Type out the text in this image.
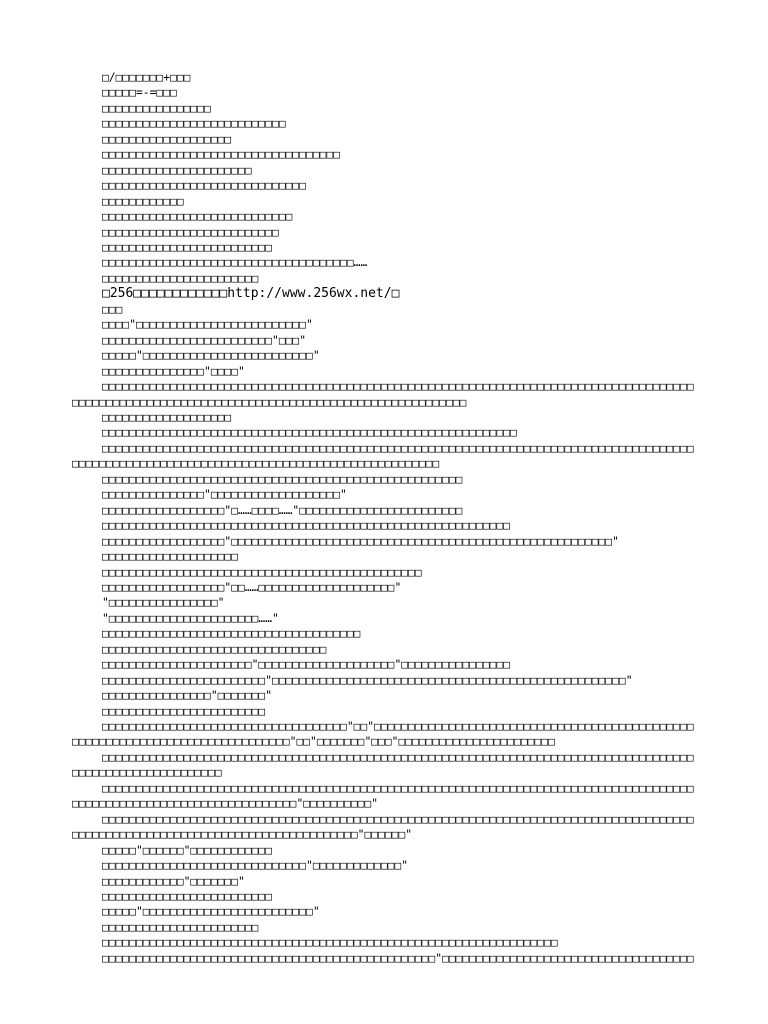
□/□□□□□□□+□□□
□□□□□=-=□□□
□□□□□□□□□□□□□□□□
□□□□□□□□□□□□□□□□□□□□□□□□□□□
□□□□□□□□□□□□□□□□□□□
□□□□□□□□□□□□□□□□□□□□□□□□□□□□□□□□□□□
□□□□□□□□□□□□□□□□□□□□□□
□□□□□□□□□□□□□□□□□□□□□□□□□□□□□□
□□□□□□□□□□□□
□□□□□□□□□□□□□□□□□□□□□□□□□□□□
□□□□□□□□□□□□□□□□□□□□□□□□□□
□□□□□□□□□□□□□□□□□□□□□□□□□
□□□□□□□□□□□□□□□□□□□□□□□□□□□□□□□□□□□□□……
□□□□□□□□□□□□□□□□□□□□□□□
□256□□□□□□□□□□□□http://www.256wx.net/□
□□□
□□□□"□□□□□□□□□□□□□□□□□□□□□□□□□"
□□□□□□□□□□□□□□□□□□□□□□□□□"□□□"
□□□□□"□□□□□□□□□□□□□□□□□□□□□□□□□"
□□□□□□□□□□□□□□□"□□□□"
□□□□□□□□□□□□□□□□□□□□□□□□□□□□□□□□□□□□□□□□□□□□□□□□□□□□□□□□□□□□□□□□□□□□□□□□□□□□□□□□□□□□□□□□□□□□□□□□□□□□□□□□□□□□□□□□□□□□□□□□□□□□□□□□□□□□□□□□□□□□□□□□□
□□□□□□□□□□□□□□□□□□□
□□□□□□□□□□□□□□□□□□□□□□□□□□□□□□□□□□□□□□□□□□□□□□□□□□□□□□□□□□□□□
□□□□□□□□□□□□□□□□□□□□□□□□□□□□□□□□□□□□□□□□□□□□□□□□□□□□□□□□□□□□□□□□□□□□□□□□□□□□□□□□□□□□□□□□□□□□□□□□□□□□□□□□□□□□□□□□□□□□□□□□□□□□□□□□□□□□□□□□□□□□□
□□□□□□□□□□□□□□□□□□□□□□□□□□□□□□□□□□□□□□□□□□□□□□□□□□□□□
□□□□□□□□□□□□□□□"□□□□□□□□□□□□□□□□□□□"
□□□□□□□□□□□□□□□□□□"□……□□□□……"□□□□□□□□□□□□□□□□□□□□□□□□
□□□□□□□□□□□□□□□□□□□□□□□□□□□□□□□□□□□□□□□□□□□□□□□□□□□□□□□□□□□□
□□□□□□□□□□□□□□□□□□"□□□□□□□□□□□□□□□□□□□□□□□□□□□□□□□□□□□□□□□□□□□□□□□□□□□□□□□□"
□□□□□□□□□□□□□□□□□□□□
□□□□□□□□□□□□□□□□□□□□□□□□□□□□□□□□□□□□□□□□□□□□□□□
□□□□□□□□□□□□□□□□□□"□□……□□□□□□□□□□□□□□□□□□□□"
"□□□□□□□□□□□□□□□□"
"□□□□□□□□□□□□□□□□□□□□□□……"
□□□□□□□□□□□□□□□□□□□□□□□□□□□□□□□□□□□□□□
□□□□□□□□□□□□□□□□□□□□□□□□□□□□□□□□□
□□□□□□□□□□□□□□□□□□□□□□"□□□□□□□□□□□□□□□□□□□□"□□□□□□□□□□□□□□□□
□□□□□□□□□□□□□□□□□□□□□□□□"□□□□□□□□□□□□□□□□□□□□□□□□□□□□□□□□□□□□□□□□□□□□□□□□□□□□"
□□□□□□□□□□□□□□□□"□□□□□□□"
□□□□□□□□□□□□□□□□□□□□□□□□
□□□□□□□□□□□□□□□□□□□□□□□□□□□□□□□□□□□□"□□"□□□□□□□□□□□□□□□□□□□□□□□□□□□□□□□□□□□□□□□□□□□□□□□□□□□□□□□□□□□□□□□□□□□□□□□□□□□□□□□"□□"□□□□□□□"□□□"□□□□□□□□□□□□□□□□□□□□□□□
□□□□□□□□□□□□□□□□□□□□□□□□□□□□□□□□□□□□□□□□□□□□□□□□□□□□□□□□□□□□□□□□□□□□□□□□□□□□□□□□□□□□□□□□□□□□□□□□□□□□□□□□□□□□□
□□□□□□□□□□□□□□□□□□□□□□□□□□□□□□□□□□□□□□□□□□□□□□□□□□□□□□□□□□□□□□□□□□□□□□□□□□□□□□□□□□□□□□□□□□□□□□□□□□□□□□□□□□□□□□□□□□□□□□□□"□□□□□□□□□□"
□□□□□□□□□□□□□□□□□□□□□□□□□□□□□□□□□□□□□□□□□□□□□□□□□□□□□□□□□□□□□□□□□□□□□□□□□□□□□□□□□□□□□□□□□□□□□□□□□□□□□□□□□□□□□□□□□□□□□□□□□□□□□□□□□"□□□□□□"
□□□□□"□□□□□□"□□□□□□□□□□□□
□□□□□□□□□□□□□□□□□□□□□□□□□□□□□□"□□□□□□□□□□□□□"
□□□□□□□□□□□□"□□□□□□□"
□□□□□□□□□□□□□□□□□□□□□□□□□
□□□□□"□□□□□□□□□□□□□□□□□□□□□□□□□"
□□□□□□□□□□□□□□□□□□□□□□□
□□□□□□□□□□□□□□□□□□□□□□□□□□□□□□□□□□□□□□□□□□□□□□□□□□□□□□□□□□□□□□□□□□□
□□□□□□□□□□□□□□□□□□□□□□□□□□□□□□□□□□□□□□□□□□□□□□□□□"□□□□□□□□□□□□□□□□□□□□□□□□□□□□□□□□□□□□□
